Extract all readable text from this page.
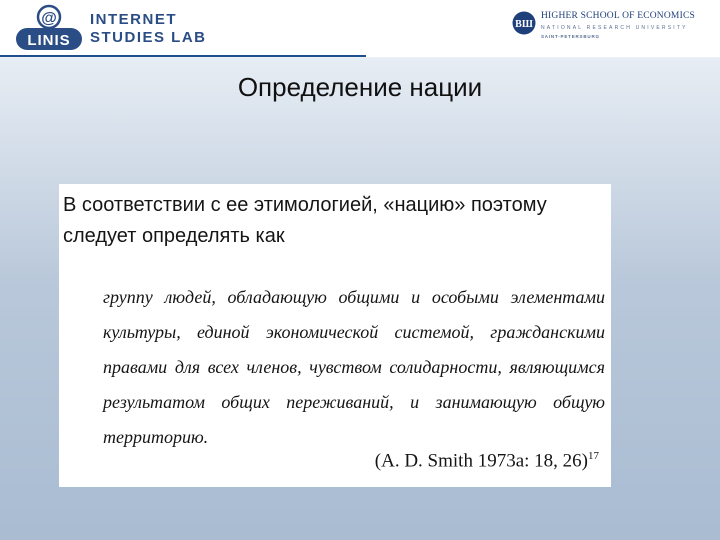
@
LINIS
INTERNET
STUDIES LAB
ВШ
HIGHER SCHOOL OF ECONOMICS
NATIONAL RESEARCH UNIVERSITY
SAINT-PETERSBURG
Определение нации
В соответствии с ее этимологией, «нацию» поэтому следует определять как
группу людей, обладающую общими и особыми элементами культуры, единой экономической системой, гражданскими правами для всех членов, чувством солидарности, являющимся результатом общих переживаний, и занимающую общую территорию.
(A. D. Smith 1973a: 18, 26)$^{17}$
